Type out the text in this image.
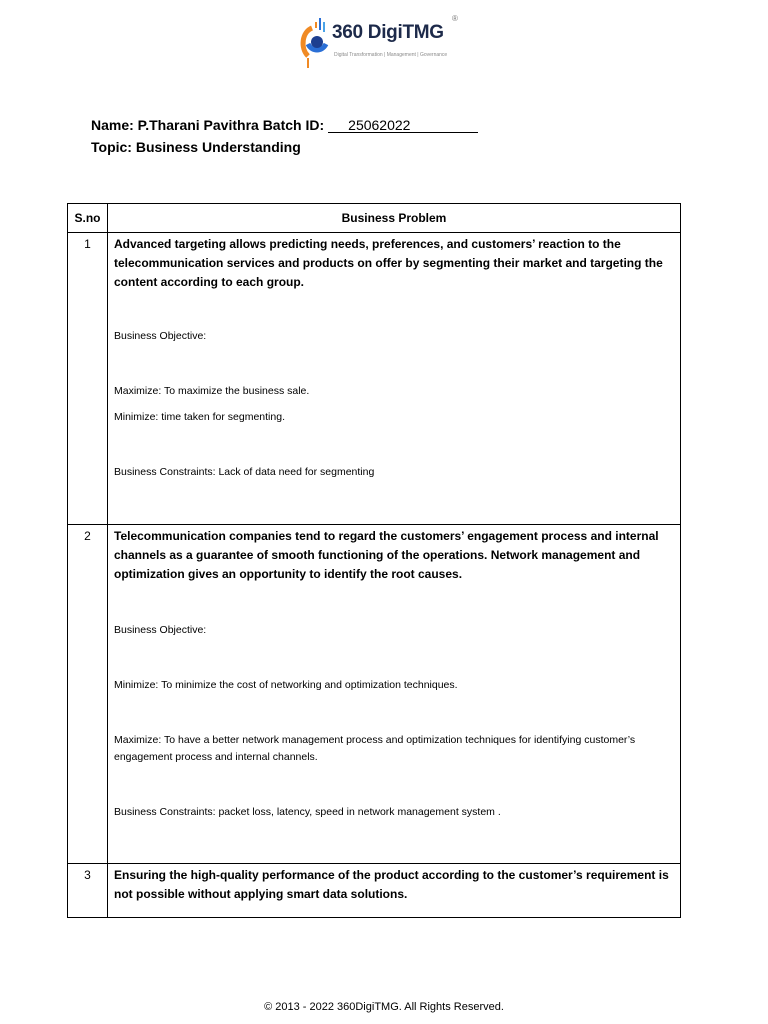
360 DigiTMG
®
Digital Transformation | Management | Governance
Name: P.Tharani Pavithra Batch ID: 25062022
Topic: Business Understanding
S.no	Business Problem
1	Advanced targeting allows predicting needs, preferences, and customers’ reaction to the telecommunication services and products on offer by segmenting their market and targeting the content according to each group.

Business Objective:

Maximize: To maximize the business sale.

Minimize: time taken for segmenting.

Business Constraints: Lack of data need for segmenting

2	Telecommunication companies tend to regard the customers’ engagement process and internal channels as a guarantee of smooth functioning of the operations. Network management and optimization gives an opportunity to identify the root causes.

Business Objective:

Minimize: To minimize the cost of networking and optimization techniques.

Maximize: To have a better network management process and optimization techniques for identifying customer’s engagement process and internal channels.

Business Constraints: packet loss, latency, speed in network management system .

3	Ensuring the high-quality performance of the product according to the customer’s requirement is not possible without applying smart data solutions.

© 2013 - 2022 360DigiTMG. All Rights Reserved.
